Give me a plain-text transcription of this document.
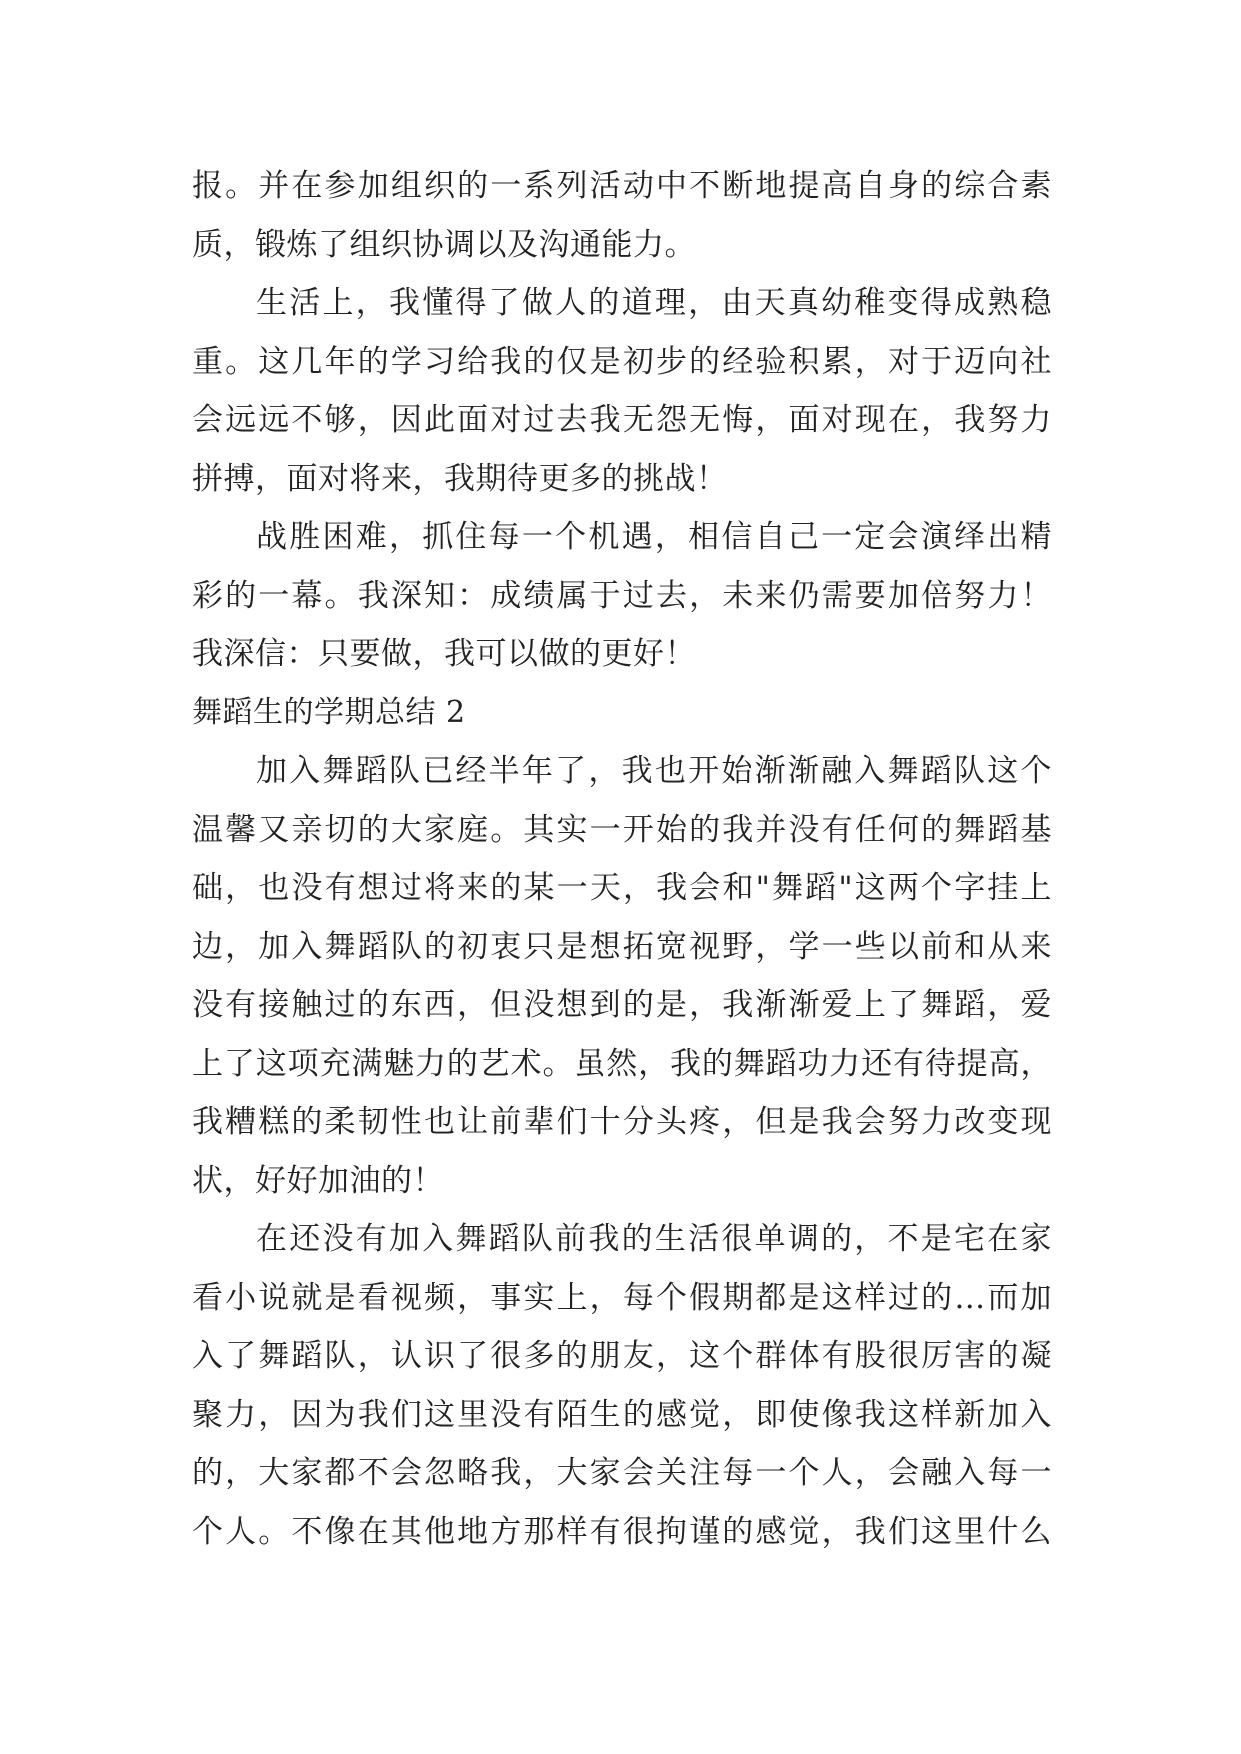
报。并在参加组织的一系列活动中不断地提高自身的综合素
质，锻炼了组织协调以及沟通能力。
生活上，我懂得了做人的道理，由天真幼稚变得成熟稳
重。这几年的学习给我的仅是初步的经验积累，对于迈向社
会远远不够，因此面对过去我无怨无悔，面对现在，我努力
拼搏，面对将来，我期待更多的挑战！
战胜困难，抓住每一个机遇，相信自己一定会演绎出精
彩的一幕。我深知：成绩属于过去，未来仍需要加倍努力！
我深信：只要做，我可以做的更好！
舞蹈生的学期总结 2
加入舞蹈队已经半年了，我也开始渐渐融入舞蹈队这个
温馨又亲切的大家庭。其实一开始的我并没有任何的舞蹈基
础，也没有想过将来的某一天，我会和"舞蹈"这两个字挂上
边，加入舞蹈队的初衷只是想拓宽视野，学一些以前和从来
没有接触过的东西，但没想到的是，我渐渐爱上了舞蹈，爱
上了这项充满魅力的艺术。虽然，我的舞蹈功力还有待提高，
我糟糕的柔韧性也让前辈们十分头疼，但是我会努力改变现
状，好好加油的！
在还没有加入舞蹈队前我的生活很单调的，不是宅在家
看小说就是看视频，事实上，每个假期都是这样过的…而加
入了舞蹈队，认识了很多的朋友，这个群体有股很厉害的凝
聚力，因为我们这里没有陌生的感觉，即使像我这样新加入
的，大家都不会忽略我，大家会关注每一个人，会融入每一
个人。不像在其他地方那样有很拘谨的感觉，我们这里什么
